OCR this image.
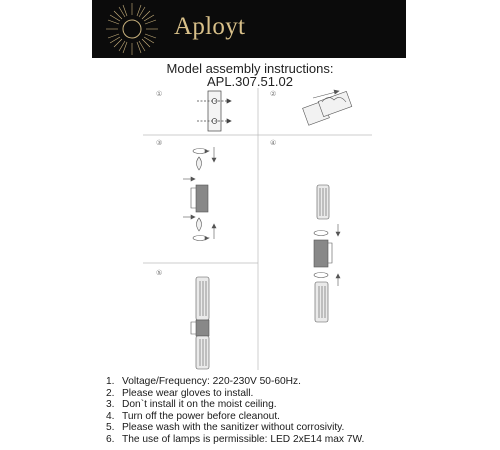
Aployt
Model assembly instructions:
APL.307.51.02
①	②
③	④
⑤
1. Voltage/Frequency: 220-230V 50-60Hz.
2. Please wear gloves to install.
3. Don`t install it on the moist ceiling.
4. Turn off the power before cleanout.
5. Please wash with the sanitizer without corrosivity.
6. The use of lamps is permissible: LED 2xE14 max 7W.
